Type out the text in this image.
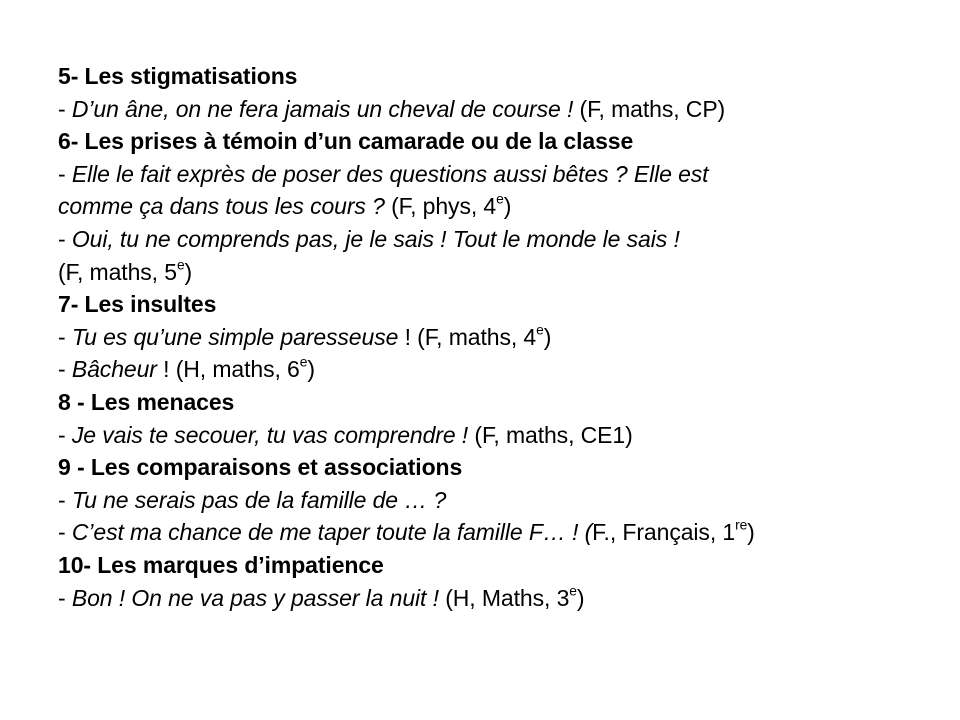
5- Les stigmatisations
- D’un âne, on ne fera jamais un cheval de course ! (F, maths, CP)
6- Les prises à témoin d’un camarade ou de la classe
- Elle le fait exprès de poser des questions aussi bêtes ? Elle est
comme ça dans tous les cours ? (F, phys, 4e)
- Oui, tu ne comprends pas, je le sais ! Tout le monde le sais !
(F, maths, 5e)
7- Les insultes
- Tu es qu’une simple paresseuse ! (F, maths, 4e)
- Bâcheur ! (H, maths, 6e)
8 - Les menaces
- Je vais te secouer, tu vas comprendre ! (F, maths, CE1)
9 - Les comparaisons et associations
- Tu ne serais pas de la famille de … ?
- C’est ma chance de me taper toute la famille F… ! (F., Français, 1re)
10- Les marques d’impatience
- Bon ! On ne va pas y passer la nuit ! (H, Maths, 3e)
